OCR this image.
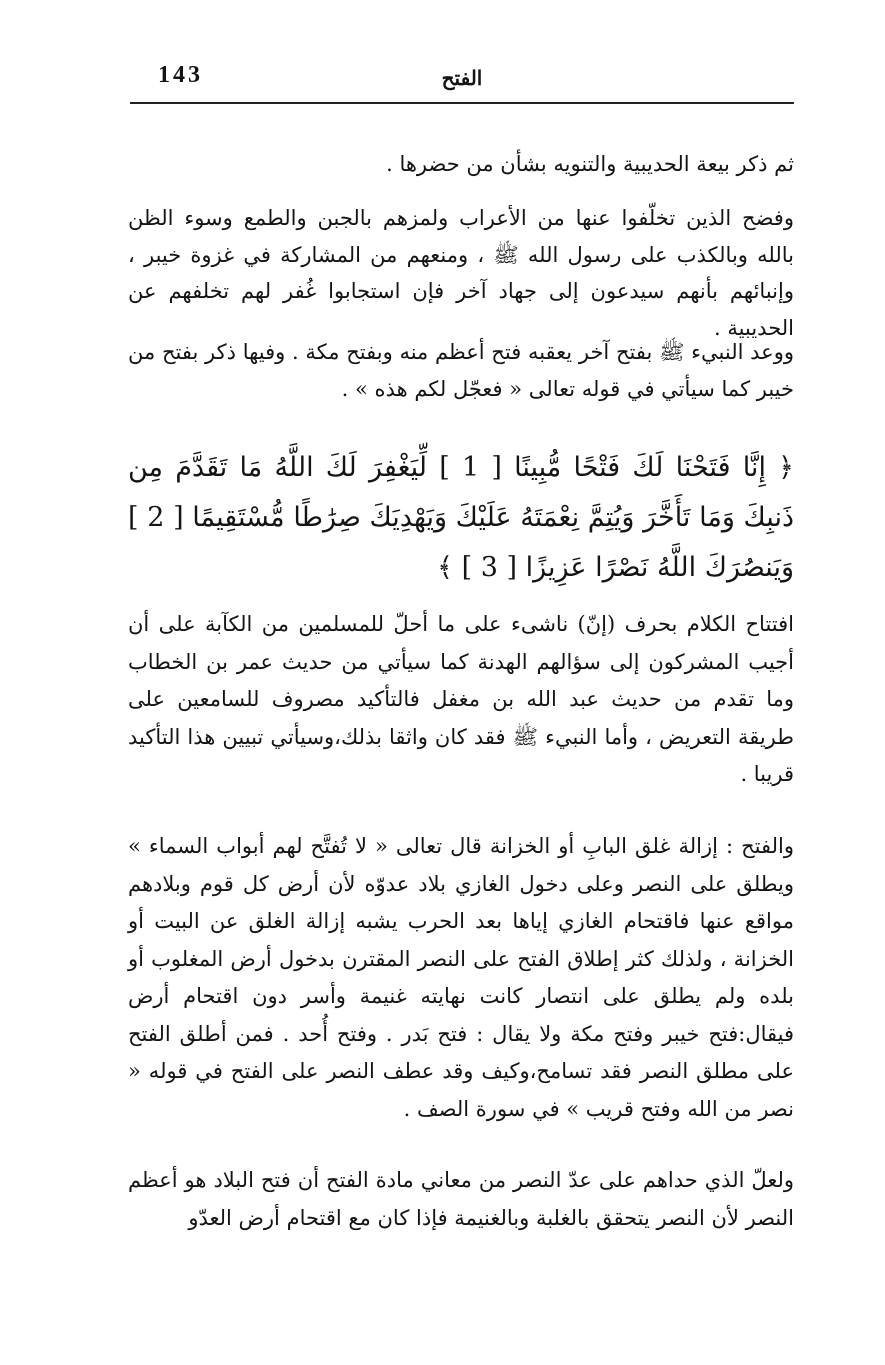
143	الفتح

ثم ذكر بيعة الحديبية والتنويه بشأن من حضرها .

وفضح الذين تخلّفوا عنها من الأعراب ولمزهم بالجبن والطمع وسوء الظن بالله وبالكذب على رسول الله ﷺ ، ومنعهم من المشاركة في غزوة خيبر ، وإنبائهم بأنهم سيدعون إلى جهاد آخر فإن استجابوا غُفر لهم تخلفهم عن الحديبية .

ووعد النبيء ﷺ بفتح آخر يعقبه فتح أعظم منه وبفتح مكة . وفيها ذكر بفتح من خيبر كما سيأتي في قوله تعالى « فعجّل لكم هذه » .

﴿ إِنَّا فَتَحْنَا لَكَ فَتْحًا مُّبِينًا [ 1 ] لِّيَغْفِرَ لَكَ اللَّهُ مَا تَقَدَّمَ مِن ذَنبِكَ وَمَا تَأَخَّرَ وَيُتِمَّ نِعْمَتَهُ عَلَيْكَ وَيَهْدِيَكَ صِرَٰطًا مُّسْتَقِيمًا [ 2 ] وَيَنصُرَكَ اللَّهُ نَصْرًا عَزِيزًا [ 3 ] ﴾

افتتاح الكلام بحرف (إنّ) ناشىء على ما أحلّ للمسلمين من الكآبة على أن أجيب المشركون إلى سؤالهم الهدنة كما سيأتي من حديث عمر بن الخطاب وما تقدم من حديث عبد الله بن مغفل فالتأكيد مصروف للسامعين على طريقة التعريض ، وأما النبيء ﷺ فقد كان واثقا بذلك،وسيأتي تبيين هذا التأكيد قريبا .

والفتح : إزالة غلق البابِ أو الخزانة قال تعالى « لا تُفتَّح لهم أبواب السماء » ويطلق على النصر وعلى دخول الغازي بلاد عدوّه لأن أرض كل قوم وبلادهم مواقع عنها فاقتحام الغازي إياها بعد الحرب يشبه إزالة الغلق عن البيت أو الخزانة ، ولذلك كثر إطلاق الفتح على النصر المقترن بدخول أرض المغلوب أو بلده ولم يطلق على انتصار كانت نهايته غنيمة وأسر دون اقتحام أرض فيقال:فتح خيبر وفتح مكة ولا يقال : فتح بَدر . وفتح أُحد . فمن أطلق الفتح على مطلق النصر فقد تسامح،وكيف وقد عطف النصر على الفتح في قوله « نصر من الله وفتح قريب » في سورة الصف .

ولعلّ الذي حداهم على عدّ النصر من معاني مادة الفتح أن فتح البلاد هو أعظم النصر لأن النصر يتحقق بالغلبة وبالغنيمة فإذا كان مع اقتحام أرض العدّو
